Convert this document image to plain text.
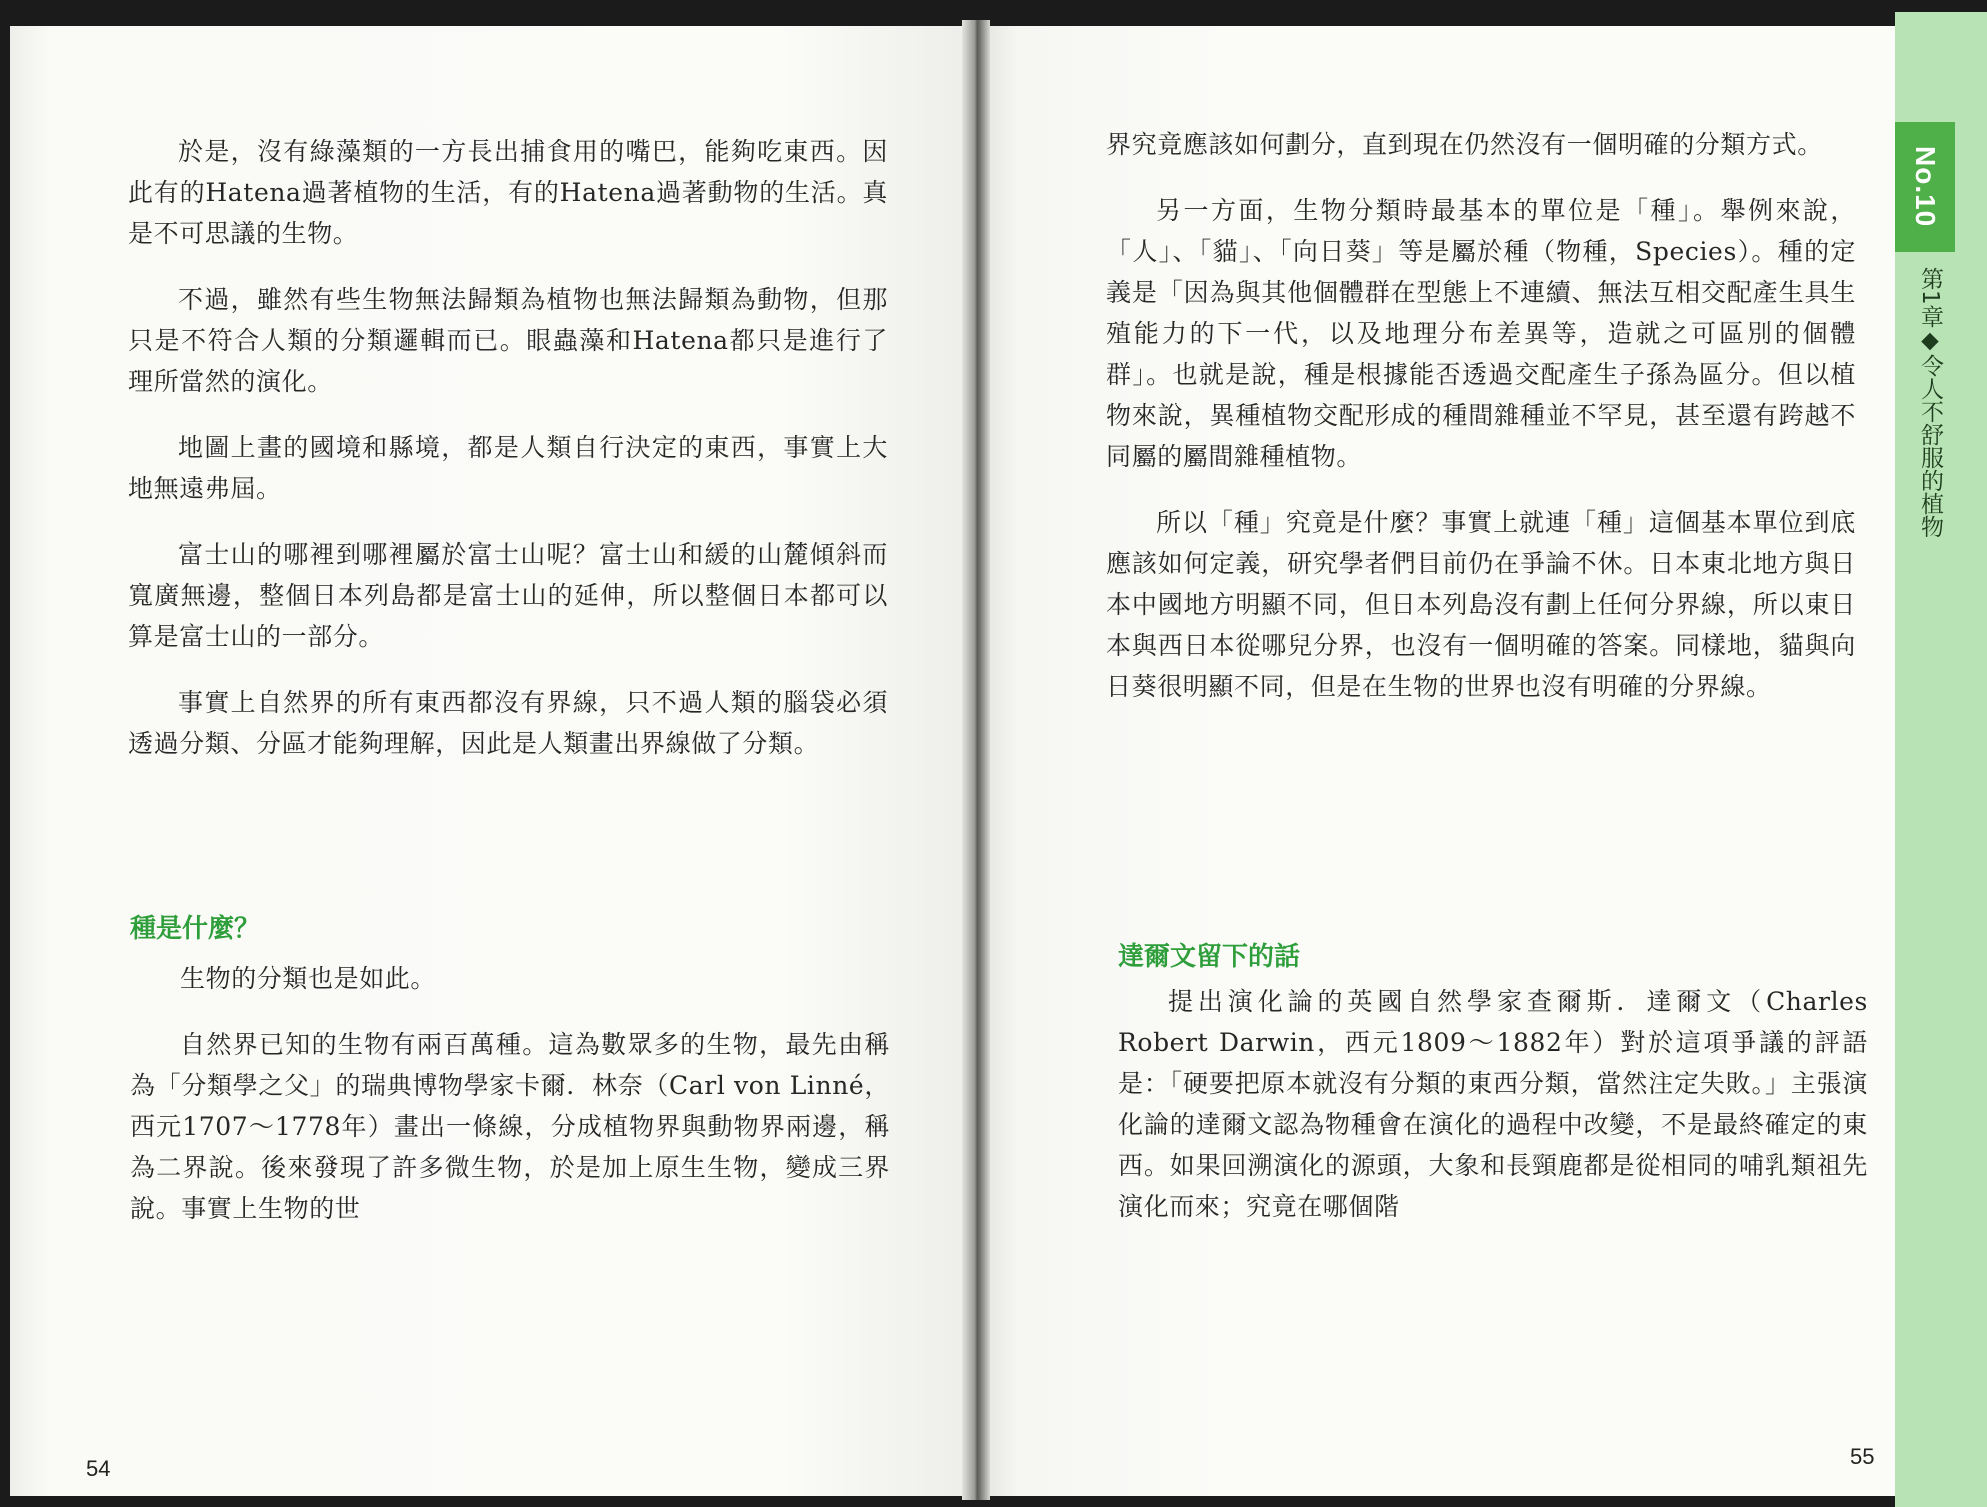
於是，沒有綠藻類的一方長出捕食用的嘴巴，能夠吃東西。因此有的Hatena過著植物的生活，有的Hatena過著動物的生活。真是不可思議的生物。

不過，雖然有些生物無法歸類為植物也無法歸類為動物，但那只是不符合人類的分類邏輯而已。眼蟲藻和Hatena都只是進行了理所當然的演化。

地圖上畫的國境和縣境，都是人類自行決定的東西，事實上大地無遠弗屆。

富士山的哪裡到哪裡屬於富士山呢？富士山和緩的山麓傾斜而寬廣無邊，整個日本列島都是富士山的延伸，所以整個日本都可以算是富士山的一部分。

事實上自然界的所有東西都沒有界線，只不過人類的腦袋必須透過分類、分區才能夠理解，因此是人類畫出界線做了分類。

種是什麼？

生物的分類也是如此。

自然界已知的生物有兩百萬種。這為數眾多的生物，最先由稱為「分類學之父」的瑞典博物學家卡爾．林奈（Carl von Linné，西元1707～1778年）畫出一條線，分成植物界與動物界兩邊，稱為二界說。後來發現了許多微生物，於是加上原生生物，變成三界說。事實上生物的世

54

界究竟應該如何劃分，直到現在仍然沒有一個明確的分類方式。

另一方面，生物分類時最基本的單位是「種」。舉例來說，「人」、「貓」、「向日葵」等是屬於種（物種，Species）。種的定義是「因為與其他個體群在型態上不連續、無法互相交配產生具生殖能力的下一代，以及地理分布差異等，造就之可區別的個體群」。也就是說，種是根據能否透過交配產生子孫為區分。但以植物來說，異種植物交配形成的種間雜種並不罕見，甚至還有跨越不同屬的屬間雜種植物。

所以「種」究竟是什麼？事實上就連「種」這個基本單位到底應該如何定義，研究學者們目前仍在爭論不休。日本東北地方與日本中國地方明顯不同，但日本列島沒有劃上任何分界線，所以東日本與西日本從哪兒分界，也沒有一個明確的答案。同樣地，貓與向日葵很明顯不同，但是在生物的世界也沒有明確的分界線。

達爾文留下的話

提出演化論的英國自然學家查爾斯．達爾文（Charles Robert Darwin，西元1809～1882年）對於這項爭議的評語是：「硬要把原本就沒有分類的東西分類，當然注定失敗。」主張演化論的達爾文認為物種會在演化的過程中改變，不是最終確定的東西。如果回溯演化的源頭，大象和長頸鹿都是從相同的哺乳類祖先演化而來；究竟在哪個階

55
No.10
第1章◆令人不舒服的植物
